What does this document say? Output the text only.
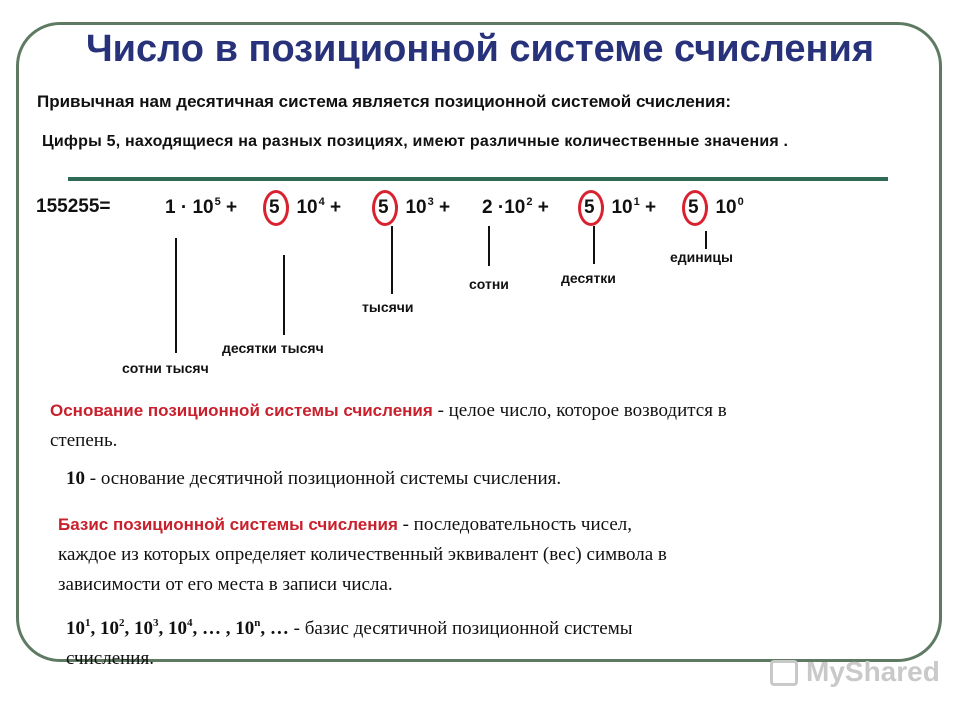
Число в позиционной системе счисления
Привычная нам десятичная система является позиционной системой счисления:
Цифры 5, находящиеся на разных позициях, имеют различные количественные значения .
155255=	$1 \cdot 10^5 + 5 \cdot 10^4 + 5 \cdot 10^3 + 2 \cdot 10^2 + 5 \cdot 10^1 + 5 \cdot 10^0$
сотни тысяч
десятки тысяч
тысячи
сотни	десятки
единицы
Основание позиционной системы счисления - целое число, которое возводится в
степень.
10 - основание десятичной позиционной системы счисления.
Базис позиционной системы счисления - последовательность чисел,
каждое из которых определяет количественный эквивалент (вес) символа в
зависимости от его места в записи числа.
$10^1$, $10^2$, $10^3$, $10^4$, … , 10$^n$, … - базис десятичной позиционной системы
счисления.	MyShared
